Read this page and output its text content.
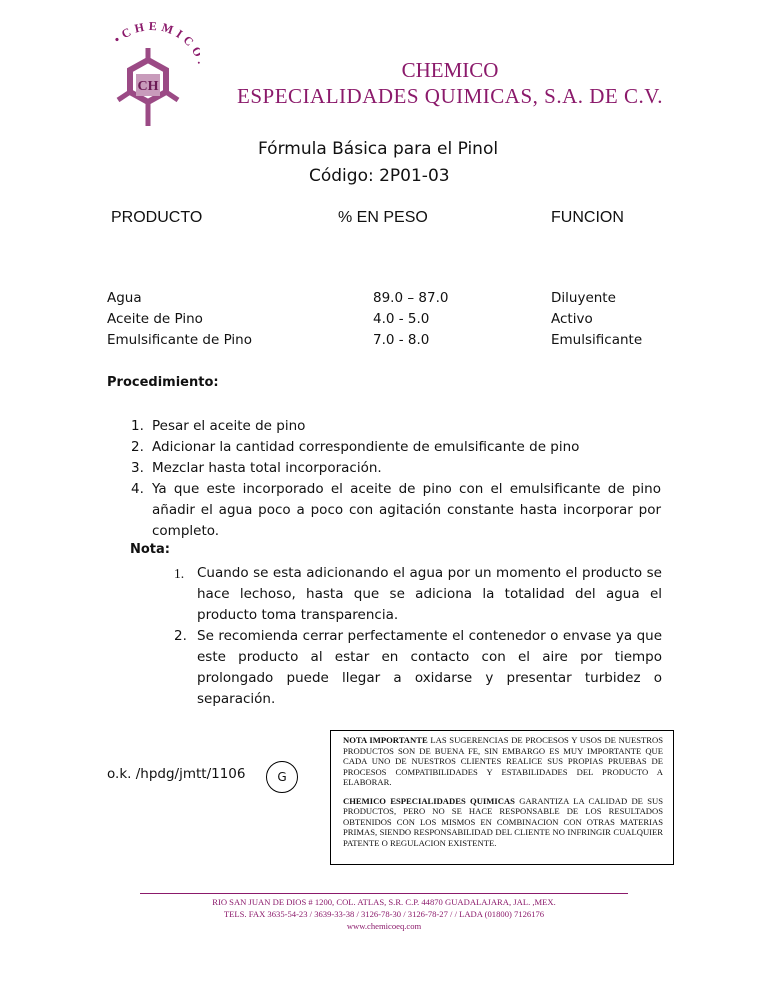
•CHEMIC
CH
CHEMICO
ESPECIALIDADES QUIMICAS, S.A. DE C.V.
Fórmula Básica para el Pinol
Código: 2P01-03
PRODUCTO	% EN PESO	FUNCION
Agua	89.0 – 87.0	Diluyente
Aceite de Pino	4.0 - 5.0	Activo
Emulsificante de Pino	7.0 - 8.0	Emulsificante
Procedimiento:
1. Pesar el aceite de pino
2. Adicionar la cantidad correspondiente de emulsificante de pino
3. Mezclar hasta total incorporación.
4. Ya que este incorporado el aceite de pino con el emulsificante de pino añadir el agua poco a poco con agitación constante hasta incorporar por completo.
Nota:
1. Cuando se esta adicionando el agua por un momento el producto se hace lechoso, hasta que se adiciona la totalidad del agua el producto toma transparencia.
2. Se recomienda cerrar perfectamente el contenedor o envase ya que este producto al estar en contacto con el aire por tiempo prolongado puede llegar a oxidarse y presentar turbidez o separación.
o.k. /hpdg/jmtt/1106	G

NOTA IMPORTANTE LAS SUGERENCIAS DE PROCESOS Y USOS DE NUESTROS PRODUCTOS SON DE BUENA FE, SIN EMBARGO ES MUY IMPORTANTE QUE CADA UNO DE NUESTROS CLIENTES REALICE SUS PROPIAS PRUEBAS DE PROCESOS COMPATIBILIDADES Y ESTABILIDADES DEL PRODUCTO A ELABORAR.

CHEMICO ESPECIALIDADES QUIMICAS GARANTIZA LA CALIDAD DE SUS PRODUCTOS, PERO NO SE HACE RESPONSABLE DE LOS RESULTADOS OBTENIDOS CON LOS MISMOS EN COMBINACION CON OTRAS MATERIAS PRIMAS, SIENDO RESPONSABILIDAD DEL CLIENTE NO INFRINGIR CUALQUIER PATENTE O REGULACION EXISTENTE.

RIO SAN JUAN DE DIOS # 1200, COL. ATLAS, S.R. C.P. 44870 GUADALAJARA, JAL. ,MEX.
TELS. FAX 3635-54-23 / 3639-33-38 / 3126-78-30 / 3126-78-27 / / LADA (01800) 7126176
www.chemicoeq.com
